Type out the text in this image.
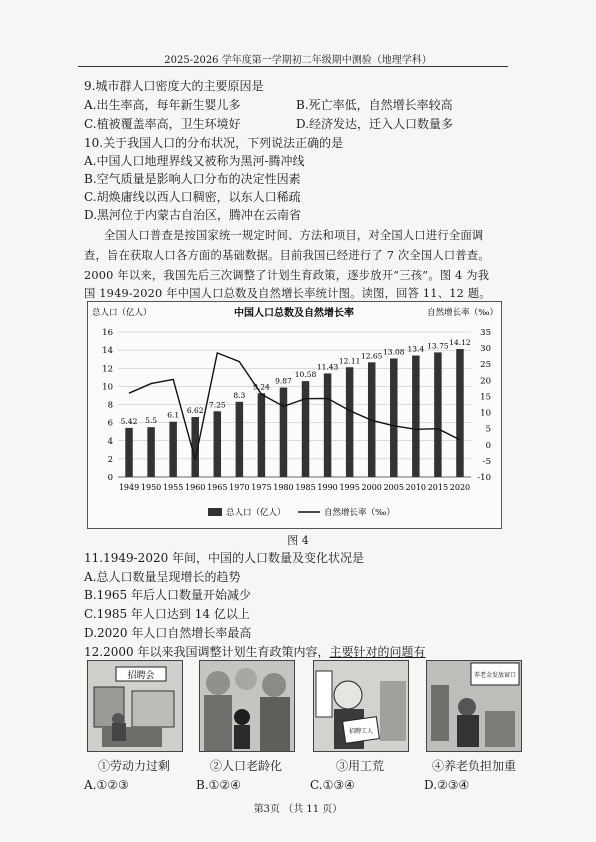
2025-2026 学年度第一学期初二年级期中测验（地理学科）
9.城市群人口密度大的主要原因是
A.出生率高，每年新生婴儿多	B.死亡率低，自然增长率较高
C.植被覆盖率高，卫生环境好	D.经济发达，迁入人口数量多
10.关于我国人口的分布状况，下列说法正确的是
A.中国人口地理界线又被称为黑河-腾冲线
B.空气质量是影响人口分布的决定性因素
C.胡焕庸线以西人口稠密，以东人口稀疏
D.黑河位于内蒙古自治区，腾冲在云南省
全国人口普查是按国家统一规定时间、方法和项目，对全国人口进行全面调
查，旨在获取人口各方面的基础数据。目前我国已经进行了 7 次全国人口普查。
2000 年以来，我国先后三次调整了计划生育政策，逐步放开“三孩”。图 4 为我
国 1949-2020 年中国人口总数及自然增长率统计图。读图，回答 11、12 题。
中国人口总数及自然增长率
总人口（亿人）	自然增长率（‰）
0
2
4
6
8
10
12
14
16
-10
-5
0
5
10
15
20
25
30
35
5.42 5.5
6.1
6.62
7.25
8.3
9.24
9.87
10.58
11.43
12.11
12.65 13.08 13.4 13.75 14.12
1949 1950 1955 1960 1965 1970 1975 1980 1985 1990 1995 2000 2005 2010 2015 2020
总人口（亿人）	自然增长率（‰）
图 4
11.1949-2020 年间，中国的人口数量及变化状况是
A.总人口数量呈现增长的趋势
B.1965 年后人口数量开始减少
C.1985 年人口达到 14 亿以上
D.2020 年人口自然增长率最高
12.2000 年以来我国调整计划生育政策内容，主要针对的问题有
招聘会
招聘工人
养老金发放窗口
①劳动力过剩	②人口老龄化	③用工荒	④养老负担加重
A.①②③	B.①②④	C.①③④	D.②③④
第3页 （共 11 页）
